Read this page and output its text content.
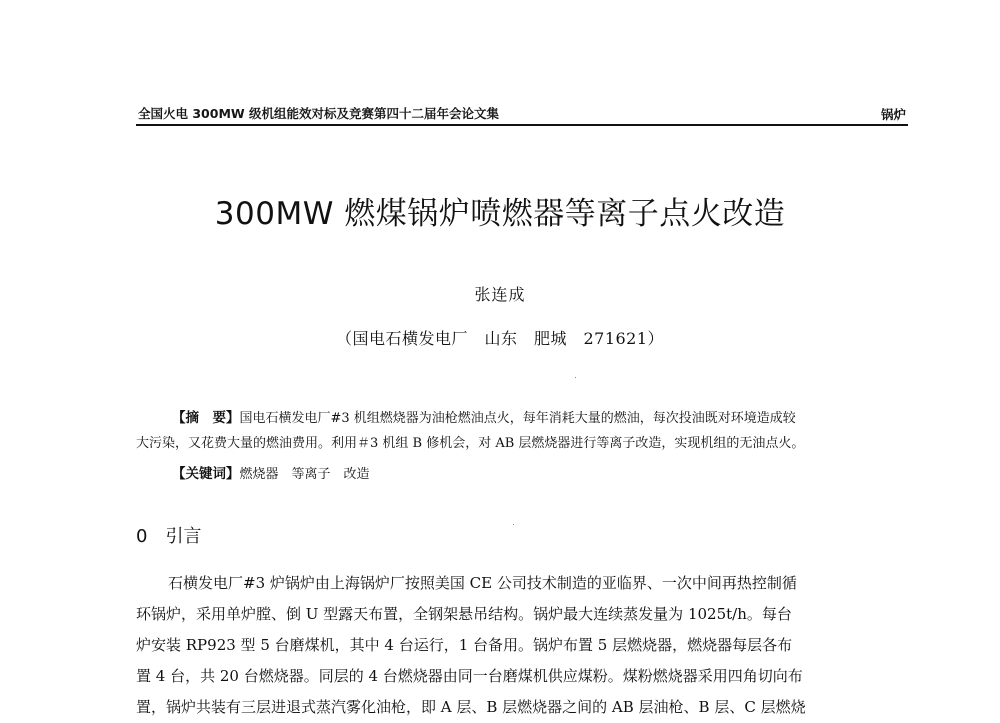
全国火电 300MW 级机组能效对标及竞赛第四十二届年会论文集	锅炉
300MW 燃煤锅炉喷燃器等离子点火改造
张连成
（国电石横发电厂　山东　肥城　271621）
【摘　要】国电石横发电厂#3 机组燃烧器为油枪燃油点火，每年消耗大量的燃油，每次投油既对环境造成较
大污染，又花费大量的燃油费用。利用＃3 机组 B 修机会，对 AB 层燃烧器进行等离子改造，实现机组的无油点火。
【关键词】燃烧器　等离子　改造
0　 引言
石横发电厂#3 炉锅炉由上海锅炉厂按照美国 CE 公司技术制造的亚临界、一次中间再热控制循
环锅炉，采用单炉膛、倒 U 型露天布置，全钢架悬吊结构。锅炉最大连续蒸发量为 1025t/h。每台
炉安装 RP923 型 5 台磨煤机，其中 4 台运行，1 台备用。锅炉布置 5 层燃烧器，燃烧器每层各布
置 4 台，共 20 台燃烧器。同层的 4 台燃烧器由同一台磨煤机供应煤粉。煤粉燃烧器采用四角切向布
置，锅炉共装有三层进退式蒸汽雾化油枪，即 A 层、B 层燃烧器之间的 AB 层油枪、B 层、C 层燃烧
